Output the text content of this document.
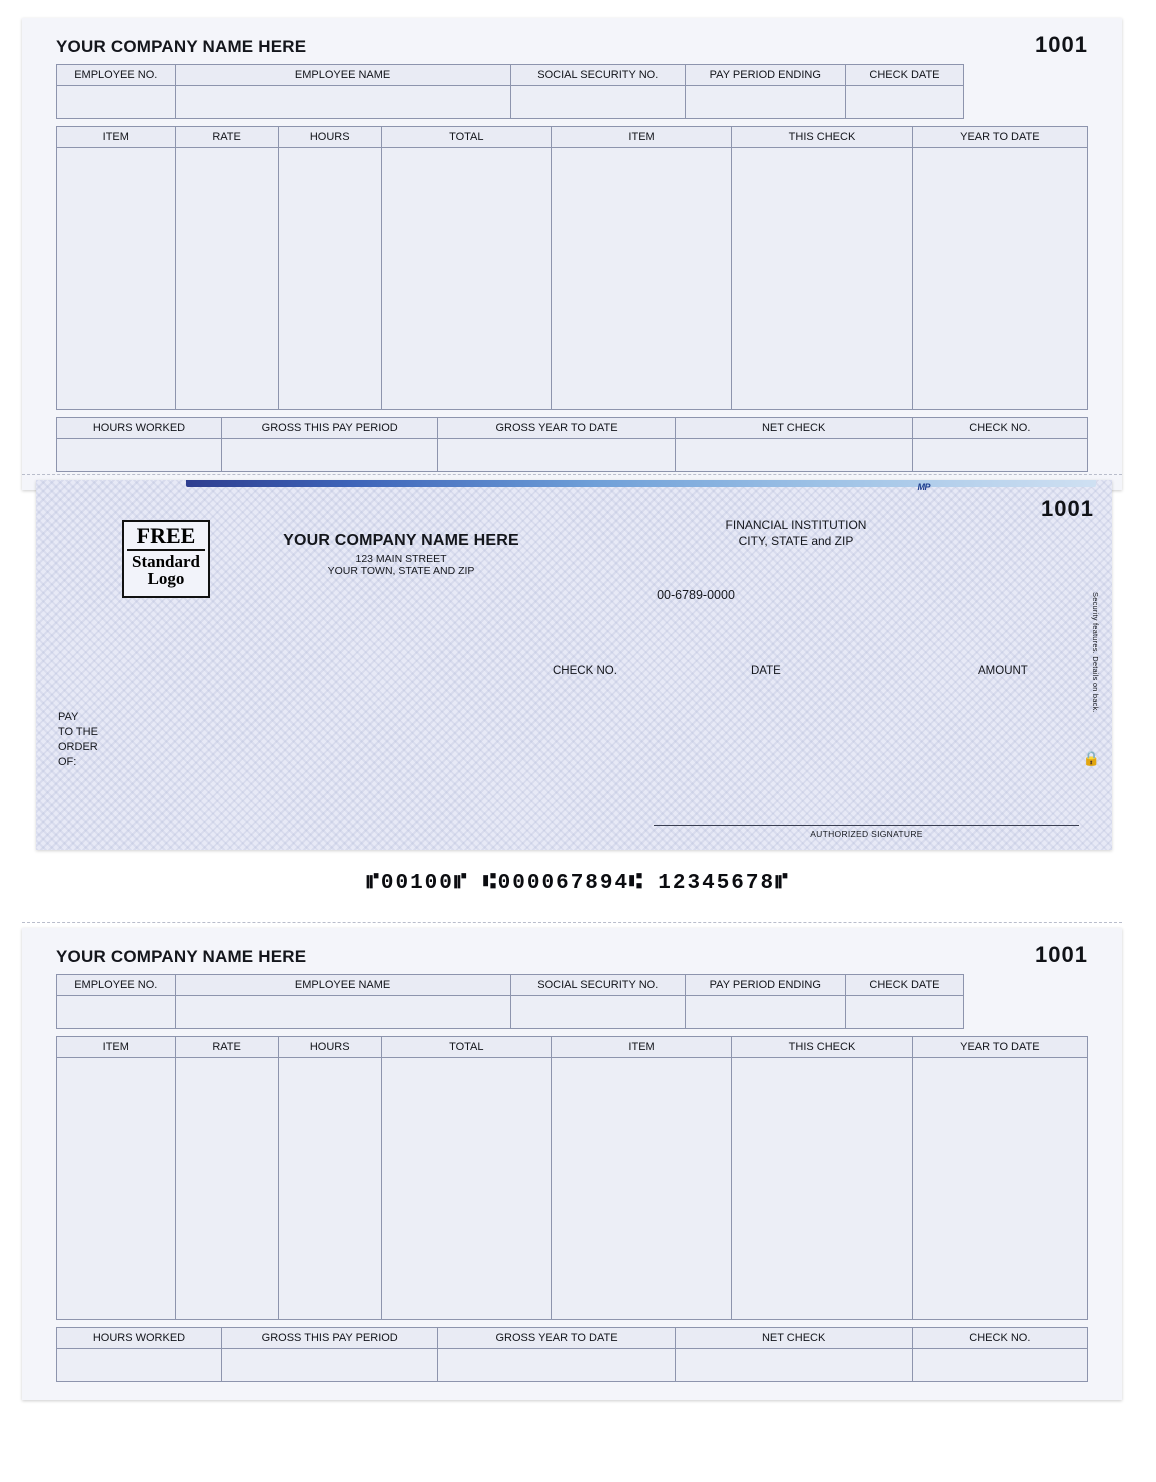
YOUR COMPANY NAME HERE	1001
EMPLOYEE NO.	EMPLOYEE NAME	SOCIAL SECURITY NO.	PAY PERIOD ENDING	CHECK DATE	

ITEM	RATE	HOURS	TOTAL	ITEM	THIS CHECK	YEAR TO DATE

HOURS WORKED	GROSS THIS PAY PERIOD	GROSS YEAR TO DATE	NET CHECK	CHECK NO.

MP
1001
FREE
Standard
Logo
YOUR COMPANY NAME HERE
123 MAIN STREET
YOUR TOWN, STATE AND ZIP
FINANCIAL INSTITUTION
CITY, STATE and ZIP
00-6789-0000
CHECK NO.	DATE	AMOUNT
PAY
TO THE
ORDER
OF:
AUTHORIZED SIGNATURE
Security features. Details on back.
🔒
⑈00100⑈ ⑆000067894⑆ 12345678⑈
YOUR COMPANY NAME HERE	1001
EMPLOYEE NO.	EMPLOYEE NAME	SOCIAL SECURITY NO.	PAY PERIOD ENDING	CHECK DATE	

ITEM	RATE	HOURS	TOTAL	ITEM	THIS CHECK	YEAR TO DATE

HOURS WORKED	GROSS THIS PAY PERIOD	GROSS YEAR TO DATE	NET CHECK	CHECK NO.
